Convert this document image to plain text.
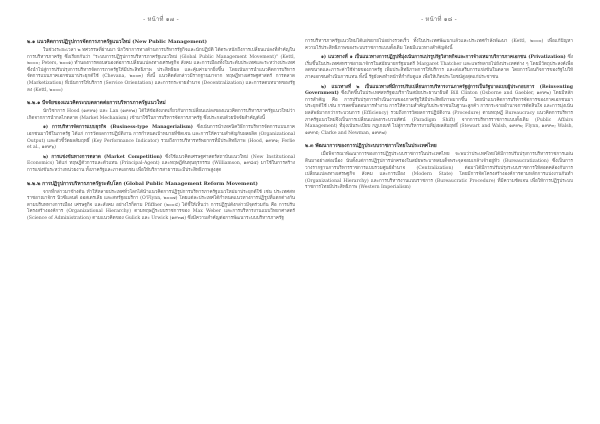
- หน้าที่ ๑๗ -
๒.๑ แนวคิดการปฏิรูปการจัดการภาครัฐแนวใหม่ (New Public Management)

ในช่วงระยะเวลา ๒ ทศวรรษที่ผ่านมา นักวิชาการทางด้านการบริหารรัฐกิจและนักปฏิบัติ ได้ตระหนักถึงการเปลี่ยนแปลงที่สำคัญในการบริหารภาครัฐ ซึ่งเรียกกันว่า "ระบบการปฏิรูปการบริหารภาครัฐแนวใหม่ (Global Public Management Movement)" (Kettl, ๒๐๐๐; Peters, ๒๐๐๑) ทำนองการตอบสนองต่อการเปลี่ยนแปลงทางเศรษฐกิจ สังคม และการเมืองทั้งในระดับประเทศและระหว่างประเทศ ซึ่งนำไปสู่การปรับปรุงการบริหารจัดการภาครัฐให้มีประสิทธิภาพ ประสิทธิผล และคุ้มค่ามากยิ่งขึ้น โดยเน้นการนำแนวคิดการบริหารจัดการแบบภาคเอกชนมาประยุกต์ใช้ (Chevana, ๒๐๐๓) ทั้งนี้ แนวคิดดังกล่าวมีรากฐานมาจาก ทฤษฎีทางเศรษฐศาสตร์ การตลาด (Marketization) ที่เน้นการให้บริการ (Service Orientation) และการกระจายอำนาจ (Decentralization) และการลดบทบาทของรัฐลง (Kettl, ๒๐๐๐)

๒.๒.๑ ปัจจัยของแนวคิดระบบตลาดต่อการบริหารภาครัฐแนวใหม่

นักวิชาการ Hood (๑๙๙๑) และ Lan (๑๙๙๗) ได้ให้ข้อสังเกตเกี่ยวกับการเปลี่ยนแปลงของแนวคิดการบริหารภาครัฐแนวใหม่ว่า เกิดจากการนำกลไกตลาด (Market Mechanism) เข้ามาใช้ในการบริหารจัดการภาครัฐ ซึ่งประกอบด้วยปัจจัยสำคัญดังนี้

๑) การบริหารจัดการแบบธุรกิจ (Business-type Managerialism) ซึ่งเน้นการนำเทคนิควิธีการบริหารจัดการแบบภาคเอกชนมาใช้ในภาครัฐ ได้แก่ การวัดผลการปฏิบัติงาน การกำหนดเป้าหมายที่ชัดเจน และการให้ความสำคัญกับผลผลิต (Organizational Output) และตัวชี้วัดผลสัมฤทธิ์ (Key Performance Indicator) รวมถึงการบริหารทรัพยากรที่มีประสิทธิภาพ (Hood, ๑๙๙๑; Ferlie et al., ๑๙๙๖)

๒) การแข่งขันทางการตลาด (Market Competition) ซึ่งใช้แนวคิดเศรษฐศาสตร์สถาบันแนวใหม่ (New Institutional Economics) ได้แก่ ทฤษฎีตัวการและตัวแทน (Principal-Agent) และทฤษฎีต้นทุนธุรกรรม (Williamson, ๑๙๘๕) มาใช้ในการสร้างการแข่งขันระหว่างหน่วยงาน ทั้งภาครัฐและภาคเอกชน เพื่อให้บริการสาธารณะมีประสิทธิภาพสูงสุด

๒.๒.๒ การปฏิรูปการบริหารภาครัฐระดับโลก (Global Public Management Reform Movement)

จากที่กล่าวมาข้างต้น ทำให้หลายประเทศทั่วโลกได้นำแนวคิดการปฏิรูปการบริหารภาครัฐแนวใหม่มาประยุกต์ใช้ เช่น ประเทศสหราชอาณาจักร นิวซีแลนด์ ออสเตรเลีย และสหรัฐอเมริกา (O'Flynn, ๒๐๐๗) โดยแต่ละประเทศได้กำหนดแนวทางการปฏิรูปที่แตกต่างกันตามบริบททางการเมือง เศรษฐกิจ และสังคม อย่างไรก็ตาม Pfiffner (๒๐๐๔) ได้ชี้ให้เห็นว่า การปฏิรูปดังกล่าวมีจุดร่วมกัน คือ การปรับโครงสร้างองค์การ (Organizational Hierarchy) ตามทฤษฎีระบบราชการของ Max Weber และการบริหารงานแบบวิทยาศาสตร์ (Science of Administration) ตามแนวคิดของ Gulick และ Urwick (๑๙๓๗) ซึ่งมีความสำคัญต่อการพัฒนาระบบบริหารภาครัฐ

- หน้าที่ ๑๘ -

การบริหารภาครัฐแนวใหม่ได้แผ่ขยายไปอย่างรวดเร็ว ทั้งในประเทศพัฒนาแล้วและประเทศกำลังพัฒนา (Kettl, ๒๐๐๐) เพื่อแก้ปัญหาความไร้ประสิทธิภาพของระบบราชการแบบดั้งเดิม โดยมีแนวทางสำคัญดังนี้

๑) แนวทางที่ ๑ เป็นแนวทางการปฏิรูปที่มุ่งเน้นการแปรรูปรัฐวิสาหกิจและการจ้างเหมาบริการภาคเอกชน (Privatization) ซึ่งเริ่มขึ้นในประเทศสหราชอาณาจักรในสมัยนายกรัฐมนตรี Margaret Thatcher และแพร่หลายไปยังประเทศต่าง ๆ โดยมีวัตถุประสงค์เพื่อลดขนาดและภาระค่าใช้จ่ายของภาครัฐ เพิ่มประสิทธิภาพการให้บริการ และส่งเสริมการแข่งขันในตลาด โดยการโอนกิจการของรัฐไปให้ภาคเอกชนดำเนินการแทน ทั้งนี้ รัฐยังคงทำหน้าที่กำกับดูแล เพื่อให้เกิดประโยชน์สูงสุดแก่ประชาชน

๒) แนวทางที่ ๒ เป็นแนวทางที่มีการปรับเปลี่ยนการบริหารงานภาครัฐสู่การเป็นรัฐบาลแบบผู้ประกอบการ (Reinventing Government) ซึ่งเกิดขึ้นในประเทศสหรัฐอเมริกาในสมัยประธานาธิบดี Bill Clinton (Osborne and Gaebler, ๑๙๙๒) โดยมีหลักการสำคัญ คือ การปรับปรุงการดำเนินงานของภาครัฐให้มีประสิทธิภาพมากขึ้น โดยนำแนวคิดการบริหารจัดการของภาคเอกชนมาประยุกต์ใช้ เช่น การลดขั้นตอนการทำงาน การให้ความสำคัญกับประชาชนในฐานะลูกค้า การกระจายอำนาจการตัดสินใจ และการมุ่งเน้นผลลัพธ์มากกว่ากระบวนการ (Efficiency) รวมถึงการวัดผลการปฏิบัติงาน (Procedure) ตามทฤษฎี Bureaucracy แนวคิดการบริหารภาครัฐแนวใหม่จึงเป็นการเปลี่ยนแปลงกระบวนทัศน์ (Paradigm Shift) จากการบริหารราชการแบบดั้งเดิม (Public Affairs Management) ที่มุ่งเน้นระเบียบ กฎเกณฑ์ ไปสู่การบริหารงานที่มุ่งผลสัมฤทธิ์ (Stewart and Walsh, ๑๙๙๒; Flynn, ๑๙๙๓; Walsh, ๑๙๙๕; Clarke and Newman, ๑๙๙๗)

๒.๓ พัฒนาการของการปฏิรูประบบราชการไทยในประเทศไทย

เมื่อพิจารณาพัฒนาการของการปฏิรูประบบราชการในประเทศไทย จะพบว่าประเทศไทยได้มีการปรับปรุงการบริหารราชการแผ่นดินมาอย่างต่อเนื่อง นับตั้งแต่การปฏิรูปการปกครองในสมัยพระบาทสมเด็จพระจุลจอมเกล้าเจ้าอยู่หัว (Bureaucratization) ซึ่งเป็นการวางรากฐานการบริหารราชการแบบรวมศูนย์อำนาจ (Centralization) ต่อมาได้มีการปรับปรุงระบบราชการให้สอดคล้องกับการเปลี่ยนแปลงทางเศรษฐกิจ สังคม และการเมือง (Modern State) โดยมีการจัดโครงสร้างองค์การตามหลักการแบ่งงานกันทำ (Organizational Hierarchy) และการบริหารงานแบบราชการ (Bureaucratic Procedure) ที่มีความชัดเจน เพื่อให้การปฏิรูประบบราชการไทยมีประสิทธิภาพ (Western Imperialism)
